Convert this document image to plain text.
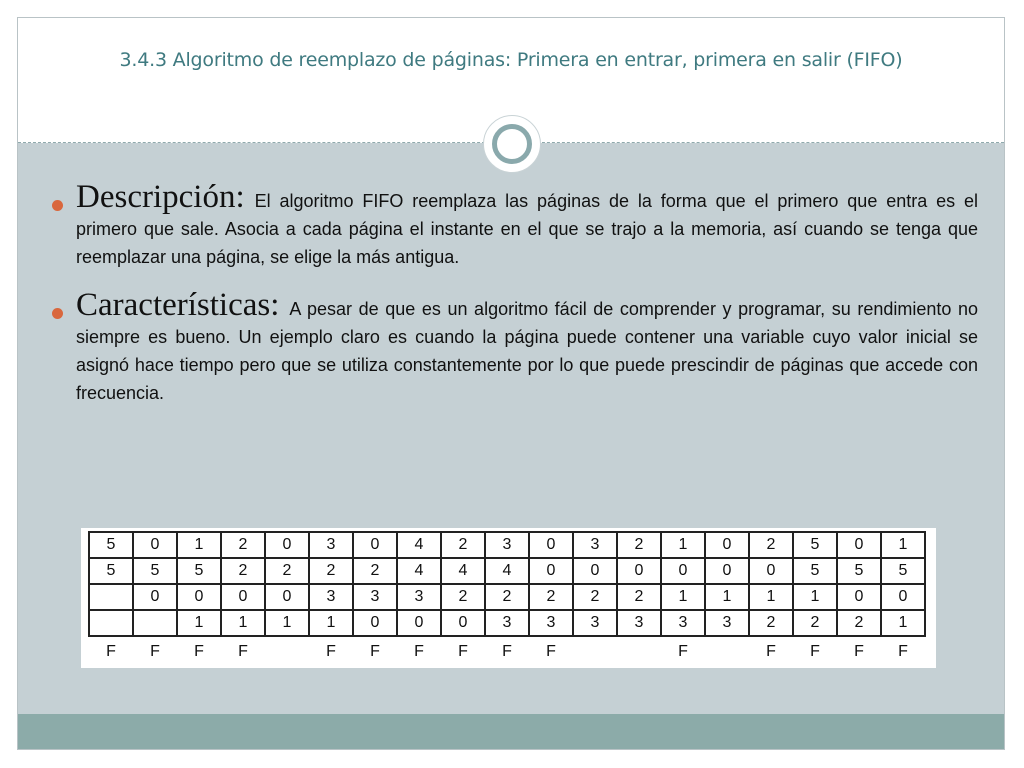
3.4.3 Algoritmo de reemplazo de páginas: Primera en entrar, primera en salir (FIFO)
Descripción: El algoritmo FIFO reemplaza las páginas de la forma que el primero que entra es el primero que sale. Asocia a cada página el instante en el que se trajo a la memoria, así cuando se tenga que reemplazar una página, se elige la más antigua.
Características: A pesar de que es un algoritmo fácil de comprender y programar, su rendimiento no siempre es bueno. Un ejemplo claro es cuando la página puede contener una variable cuyo valor inicial se asignó hace tiempo pero que se utiliza constantemente por lo que puede prescindir de páginas que accede con frecuencia.
5	0	1	2	0	3	0	4	2	3	0	3	2	1	0	2	5	0	1
5	5	5	2	2	2	2	4	4	4	0	0	0	0	0	0	5	5	5
	0	0	0	0	3	3	3	2	2	2	2	2	1	1	1	1	0	0
		1	1	1	1	0	0	0	3	3	3	3	3	3	2	2	2	1
F	F	F	F		F	F	F	F	F	F			F		F	F	F	F
